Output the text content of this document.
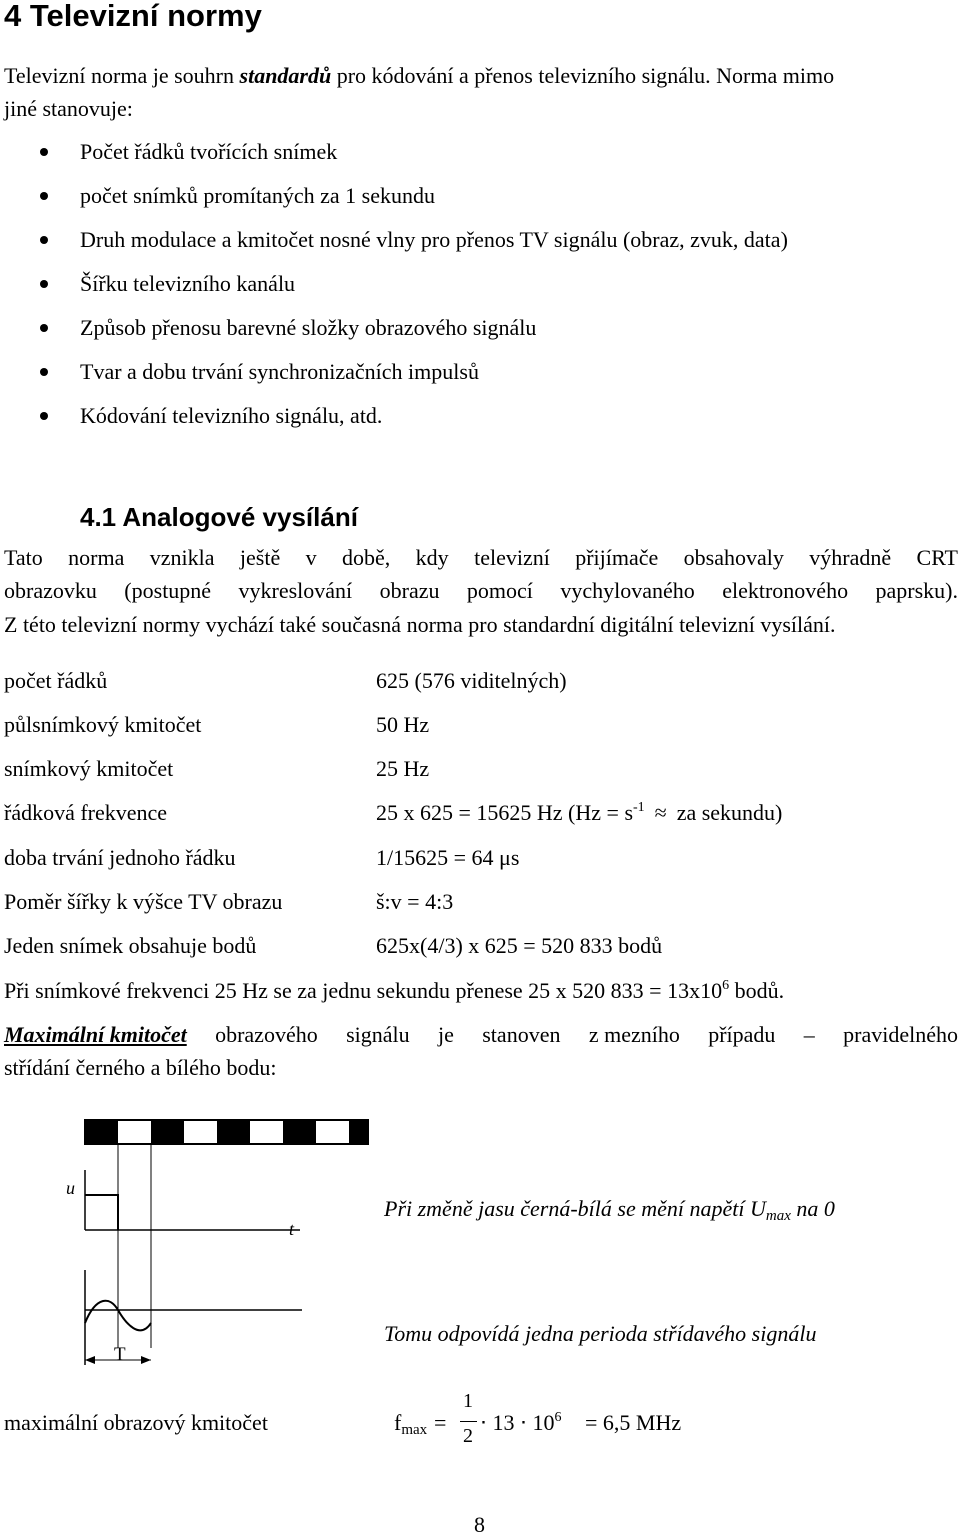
4 Televizní normy
Televizní norma je souhrn standardů pro kódování a přenos televizního signálu. Norma mimo
jiné stanovuje:
Počet řádků tvořících snímek
počet snímků promítaných za 1 sekundu
Druh modulace a kmitočet nosné vlny pro přenos TV signálu (obraz, zvuk, data)
Šířku televizního kanálu
Způsob přenosu barevné složky obrazového signálu
Tvar a dobu trvání synchronizačních impulsů
Kódování televizního signálu, atd.
4.1 Analogové vysílání
Tato norma vznikla ještě v době, kdy televizní přijímače obsahovaly výhradně CRT
obrazovku (postupné vykreslování obrazu pomocí vychylovaného elektronového paprsku).
Z této televizní normy vychází také současná norma pro standardní digitální televizní vysílání.
počet řádků	625 (576 viditelných)
půlsnímkový kmitočet	50 Hz
snímkový kmitočet	25 Hz
řádková frekvence	25 x 625 = 15625 Hz ($Hz = s^{-1}$ ≈ za sekundu)
doba trvání jednoho řádku	1/15625 = 64 μs
Poměr šířky k výšce TV obrazu	š:v = 4:3
Jeden snímek obsahuje bodů	625x(4/3) x 625 = 520 833 bodů
Při snímkové frekvenci 25 Hz se za jednu sekundu přenese 25 x 520 $833 = 13x10^6$ bodů.
Maximální kmitočet obrazového signálu je stanoven z mezního případu – pravidelného
střídání černého a bílého bodu:
u
t
T
Při změně jasu černá-bílá se mění napětí $U_{max}$ na 0
Tomu odpovídá jedna perioda střídavého signálu
maximální obrazový kmitočet	$f_{max}$ =
1
2
⋅ $13 \cdot 10^6 = 6,5$ MHz
8
